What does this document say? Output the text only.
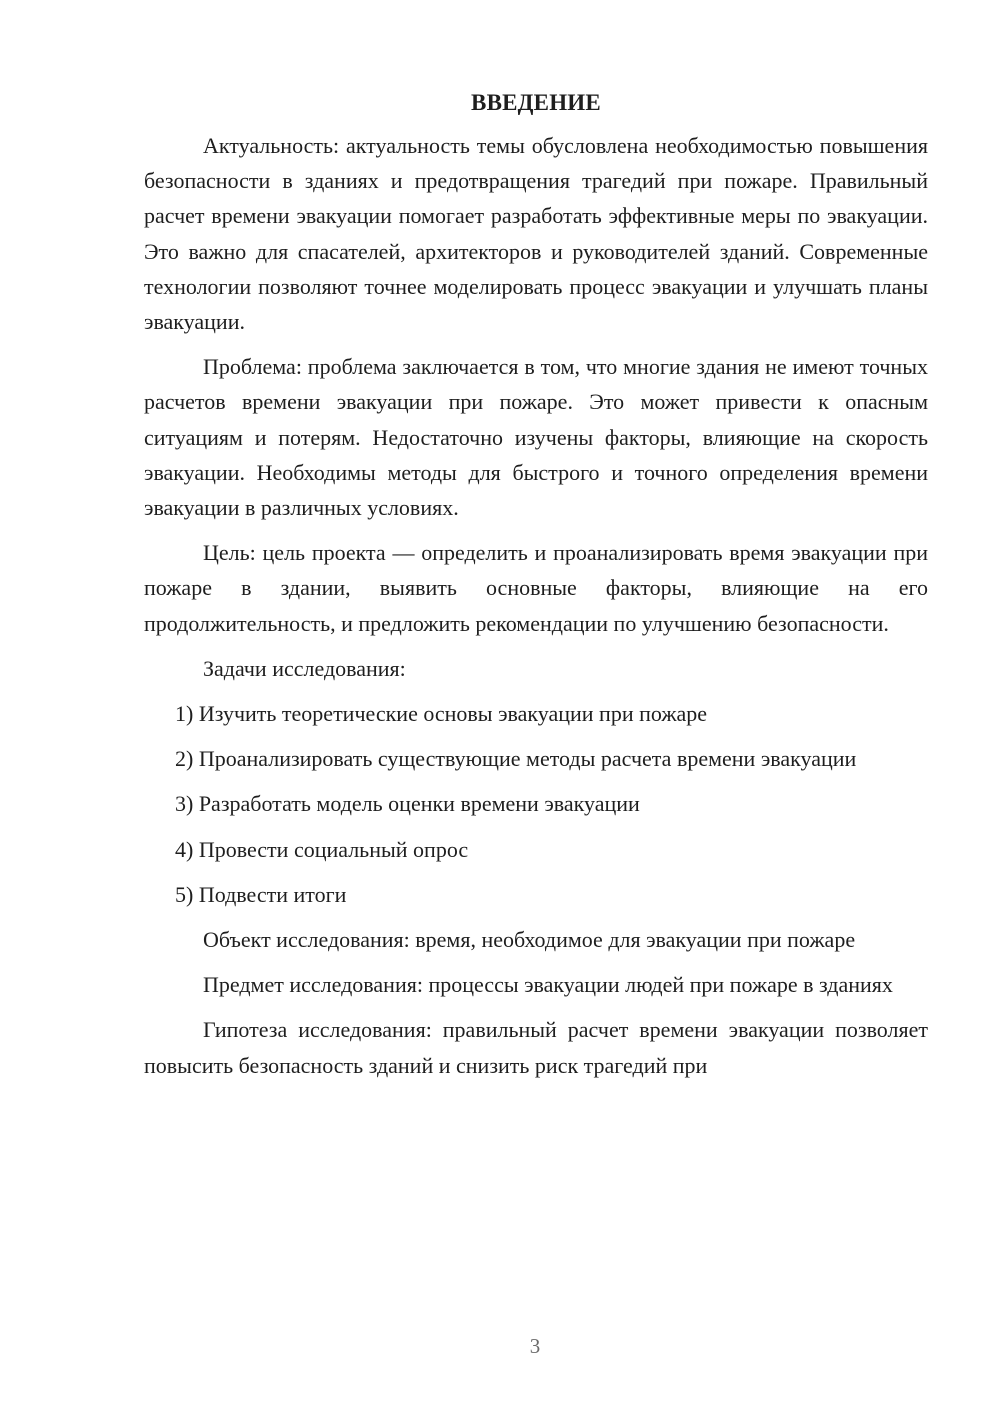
ВВЕДЕНИЕ

Актуальность: актуальность темы обусловлена необходимостью повышения безопасности в зданиях и предотвращения трагедий при пожаре. Правильный расчет времени эвакуации помогает разработать эффективные меры по эвакуации. Это важно для спасателей, архитекторов и руководителей зданий. Современные технологии позволяют точнее моделировать процесс эвакуации и улучшать планы эвакуации.

Проблема: проблема заключается в том, что многие здания не имеют точных расчетов времени эвакуации при пожаре. Это может привести к опасным ситуациям и потерям. Недостаточно изучены факторы, влияющие на скорость эвакуации. Необходимы методы для быстрого и точного определения времени эвакуации в различных условиях.

Цель: цель проекта — определить и проанализировать время эвакуации при пожаре в здании, выявить основные факторы, влияющие на его продолжительность, и предложить рекомендации по улучшению безопасности.

Задачи исследования:

1) Изучить теоретические основы эвакуации при пожаре

2) Проанализировать существующие методы расчета времени эвакуации

3) Разработать модель оценки времени эвакуации

4) Провести социальный опрос

5) Подвести итоги

Объект исследования: время, необходимое для эвакуации при пожаре

Предмет исследования: процессы эвакуации людей при пожаре в зданиях

Гипотеза исследования: правильный расчет времени эвакуации позволяет повысить безопасность зданий и снизить риск трагедий при

3
